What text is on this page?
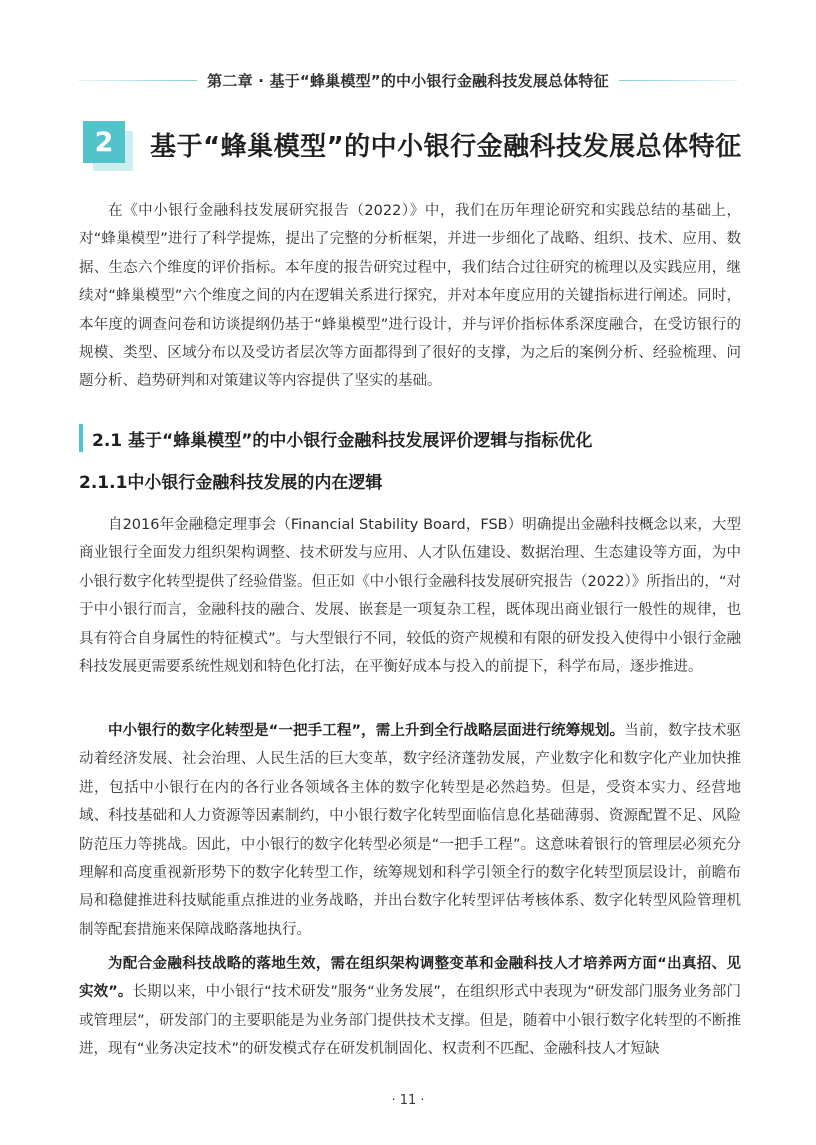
第二章 · 基于“蜂巢模型”的中小银行金融科技发展总体特征
2	基于“蜂巢模型”的中小银行金融科技发展总体特征

在《中小银行金融科技发展研究报告（2022）》中，我们在历年理论研究和实践总结的基础上，对“蜂巢模型”进行了科学提炼，提出了完整的分析框架，并进一步细化了战略、组织、技术、应用、数据、生态六个维度的评价指标。本年度的报告研究过程中，我们结合过往研究的梳理以及实践应用，继续对“蜂巢模型”六个维度之间的内在逻辑关系进行探究，并对本年度应用的关键指标进行阐述。同时，本年度的调查问卷和访谈提纲仍基于“蜂巢模型”进行设计，并与评价指标体系深度融合，在受访银行的规模、类型、区域分布以及受访者层次等方面都得到了很好的支撑，为之后的案例分析、经验梳理、问题分析、趋势研判和对策建议等内容提供了坚实的基础。

2.1 基于“蜂巢模型”的中小银行金融科技发展评价逻辑与指标优化
2.1.1中小银行金融科技发展的内在逻辑

自2016年金融稳定理事会（Financial Stability Board，FSB）明确提出金融科技概念以来，大型商业银行全面发力组织架构调整、技术研发与应用、人才队伍建设、数据治理、生态建设等方面，为中小银行数字化转型提供了经验借鉴。但正如《中小银行金融科技发展研究报告（2022）》所指出的，“对于中小银行而言，金融科技的融合、发展、嵌套是一项复杂工程，既体现出商业银行一般性的规律，也具有符合自身属性的特征模式”。与大型银行不同，较低的资产规模和有限的研发投入使得中小银行金融科技发展更需要系统性规划和特色化打法，在平衡好成本与投入的前提下，科学布局，逐步推进。

中小银行的数字化转型是“一把手工程”，需上升到全行战略层面进行统筹规划。当前，数字技术驱动着经济发展、社会治理、人民生活的巨大变革，数字经济蓬勃发展，产业数字化和数字化产业加快推进，包括中小银行在内的各行业各领域各主体的数字化转型是必然趋势。但是，受资本实力、经营地域、科技基础和人力资源等因素制约，中小银行数字化转型面临信息化基础薄弱、资源配置不足、风险防范压力等挑战。因此，中小银行的数字化转型必须是“一把手工程”。这意味着银行的管理层必须充分理解和高度重视新形势下的数字化转型工作，统筹规划和科学引领全行的数字化转型顶层设计，前瞻布局和稳健推进科技赋能重点推进的业务战略，并出台数字化转型评估考核体系、数字化转型风险管理机制等配套措施来保障战略落地执行。

为配合金融科技战略的落地生效，需在组织架构调整变革和金融科技人才培养两方面“出真招、见实效”。长期以来，中小银行“技术研发”服务“业务发展”，在组织形式中表现为“研发部门服务业务部门或管理层”，研发部门的主要职能是为业务部门提供技术支撑。但是，随着中小银行数字化转型的不断推进，现有“业务决定技术”的研发模式存在研发机制固化、权责利不匹配、金融科技人才短缺

· 11 ·
